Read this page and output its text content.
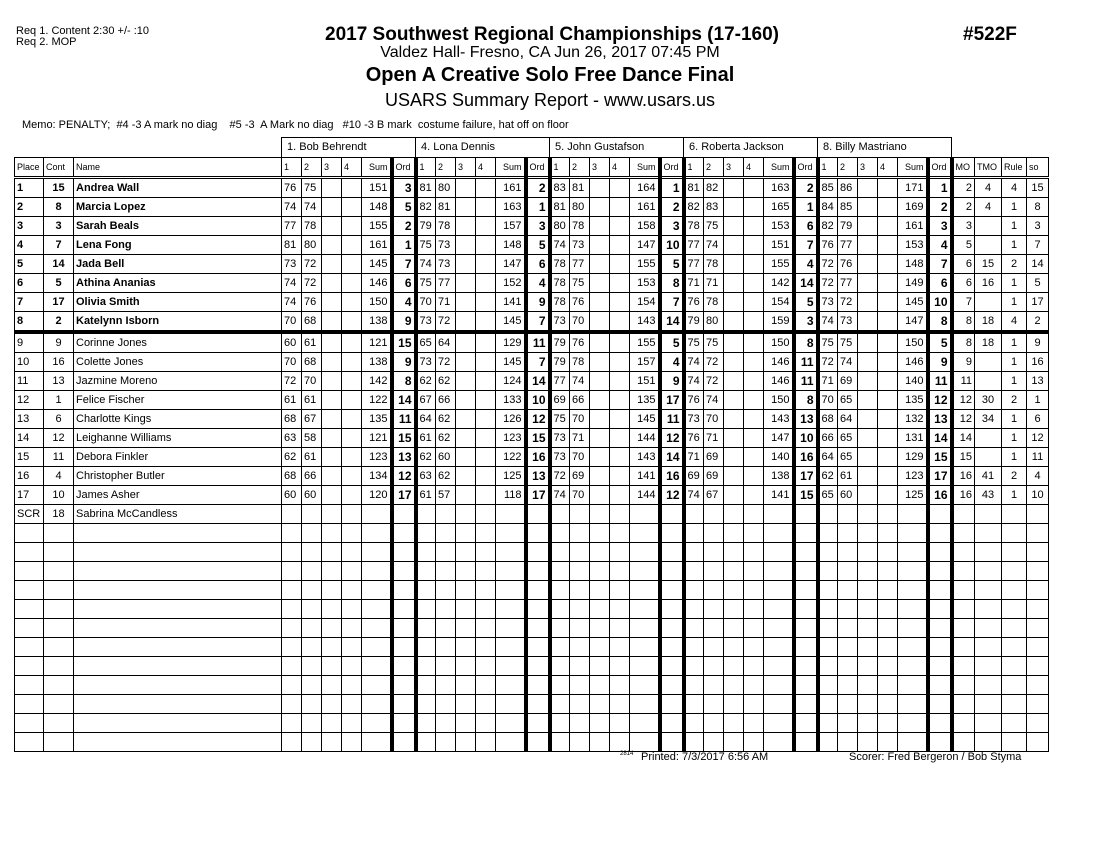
Req 1. Content 2:30 +/- :10
Req 2. MOP	2017 Southwest Regional Championships (17-160)	#522F
Valdez Hall- Fresno, CA Jun 26, 2017 07:45 PM
Open A Creative Solo Free Dance Final
USARS Summary Report - www.usars.us
Memo: PENALTY;  #4 -3 A mark no diag    #5 -3  A Mark no diag   #10 -3 B mark  costume failure, hat off on floor
1. Bob Behrendt	4. Lona Dennis	5. John Gustafson	6. Roberta Jackson	8. Billy Mastriano
Place	Cont	Name	1	2	3	4	Sum	Ord	1	2	3	4	Sum	Ord	1	2	3	4	Sum	Ord	1	2	3	4	Sum	Ord	1	2	3	4	Sum	Ord	MO	TMO	Rule	so
1	15	Andrea Wall	76	75			151	3	81	80			161	2	83	81			164	1	81	82			163	2	85	86			171	1	2	4	4	15
2	8	Marcia Lopez	74	74			148	5	82	81			163	1	81	80			161	2	82	83			165	1	84	85			169	2	2	4	1	8
3	3	Sarah Beals	77	78			155	2	79	78			157	3	80	78			158	3	78	75			153	6	82	79			161	3	3		1	3
4	7	Lena Fong	81	80			161	1	75	73			148	5	74	73			147	10	77	74			151	7	76	77			153	4	5		1	7
5	14	Jada Bell	73	72			145	7	74	73			147	6	78	77			155	5	77	78			155	4	72	76			148	7	6	15	2	14
6	5	Athina Ananias	74	72			146	6	75	77			152	4	78	75			153	8	71	71			142	14	72	77			149	6	6	16	1	5
7	17	Olivia Smith	74	76			150	4	70	71			141	9	78	76			154	7	76	78			154	5	73	72			145	10	7		1	17
8	2	Katelynn Isborn	70	68			138	9	73	72			145	7	73	70			143	14	79	80			159	3	74	73			147	8	8	18	4	2
9	9	Corinne Jones	60	61			121	15	65	64			129	11	79	76			155	5	75	75			150	8	75	75			150	5	8	18	1	9
10	16	Colette Jones	70	68			138	9	73	72			145	7	79	78			157	4	74	72			146	11	72	74			146	9	9		1	16
11	13	Jazmine Moreno	72	70			142	8	62	62			124	14	77	74			151	9	74	72			146	11	71	69			140	11	11		1	13
12	1	Felice Fischer	61	61			122	14	67	66			133	10	69	66			135	17	76	74			150	8	70	65			135	12	12	30	2	1
13	6	Charlotte Kings	68	67			135	11	64	62			126	12	75	70			145	11	73	70			143	13	68	64			132	13	12	34	1	6
14	12	Leighanne Williams	63	58			121	15	61	62			123	15	73	71			144	12	76	71			147	10	66	65			131	14	14		1	12
15	11	Debora Finkler	62	61			123	13	62	60			122	16	73	70			143	14	71	69			140	16	64	65			129	15	15		1	11
16	4	Christopher Butler	68	66			134	12	63	62			125	13	72	69			141	16	69	69			138	17	62	61			123	17	16	41	2	4
17	10	James Asher	60	60			120	17	61	57			118	17	74	70			144	12	74	67			141	15	65	60			125	16	16	43	1	10
SCR	18	Sabrina McCandless																																		

2814 Printed: 7/3/2017 6:56 AM	Scorer: Fred Bergeron / Bob Styma
